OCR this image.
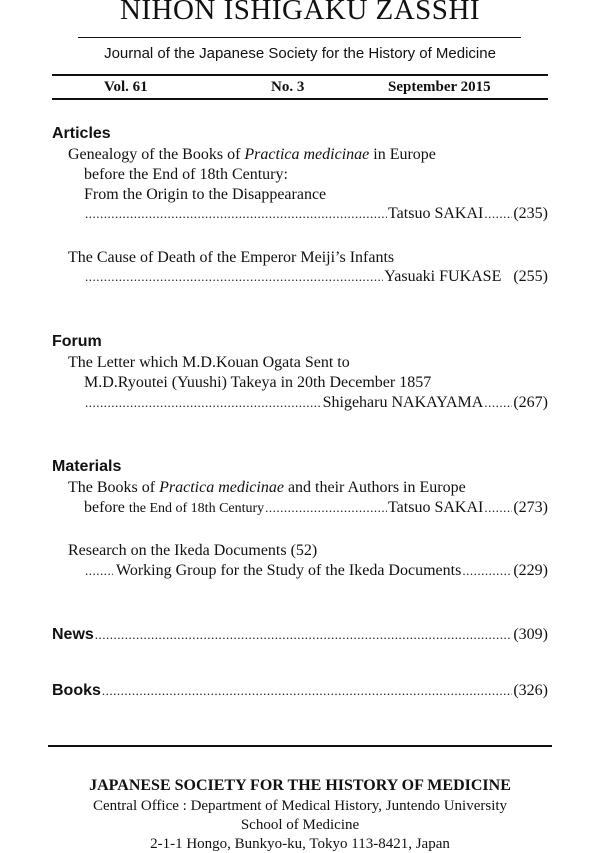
NIHON ISHIGAKU ZASSHI
Journal of the Japanese Society for the History of Medicine
Vol. 61	No. 3	September 2015
Articles
Genealogy of the Books of Practica medicinae in Europe
before the End of 18th Century:
From the Origin to the Disappearance
.....
Tatsuo SAKAI ..... (235)
The Cause of Death of the Emperor Meiji’s Infants
.....
Yasuaki FUKASE (255)
Forum
The Letter which M.D.Kouan Ogata Sent to
M.D.Ryoutei (Yuushi) Takeya in 20th December 1857
.....
Shigeharu NAKAYAMA ..... (267)
Materials
The Books of Practica medicinae and their Authors in Europe
before the End of 18th Century .....	Tatsuo SAKAI ..... (273)
Research on the Ikeda Documents (52)
.....
Working Group for the Study of the Ikeda Documents .....	(229)
News .....	(309)
Books .....	(326)
JAPANESE SOCIETY FOR THE HISTORY OF MEDICINE
Central Office : Department of Medical History, Juntendo University
School of Medicine
2-1-1 Hongo, Bunkyo-ku, Tokyo 113-8421, Japan
